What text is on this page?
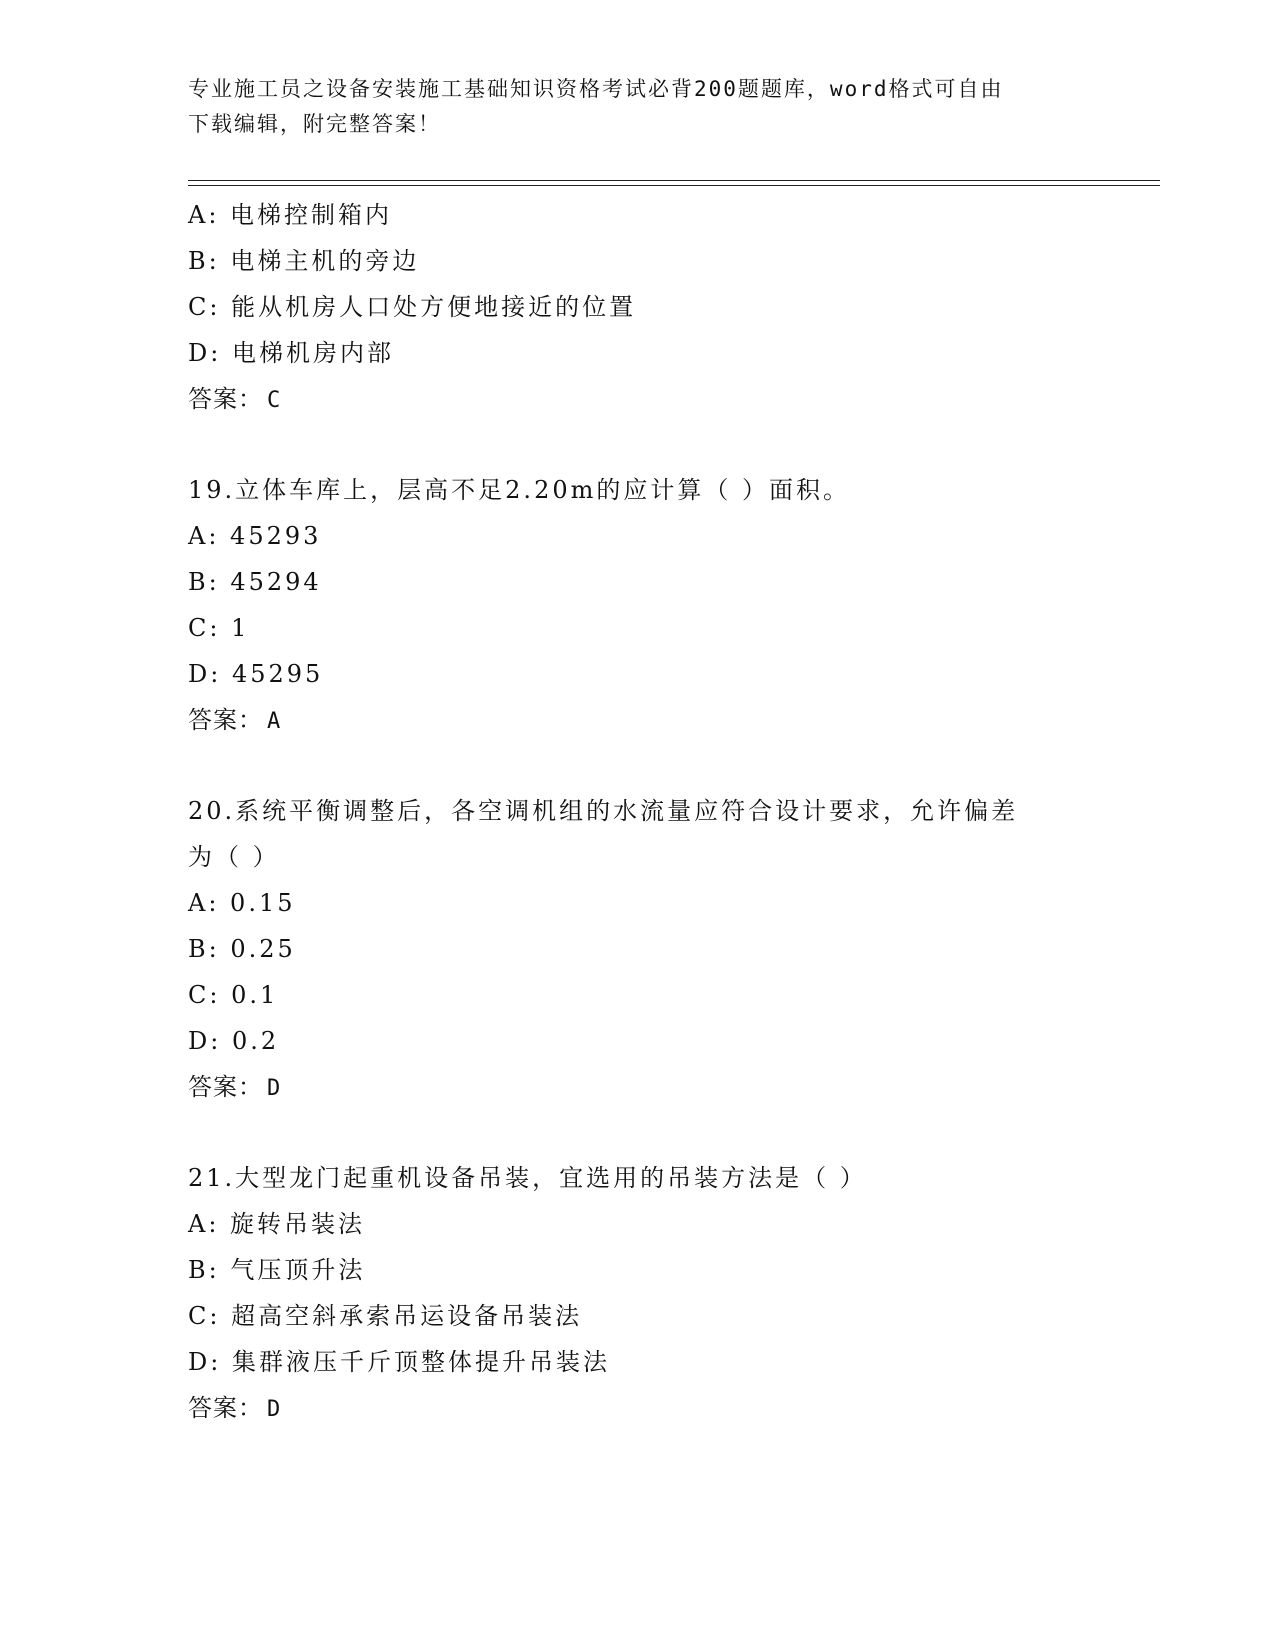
专业施工员之设备安装施工基础知识资格考试必背200题题库，word格式可自由
下载编辑，附完整答案！
A: 电梯控制箱内
B: 电梯主机的旁边
C: 能从机房人口处方便地接近的位置
D: 电梯机房内部
答案： C
19.立体车库上，层高不足2.20m的应计算（ ）面积。
A: 45293
B: 45294
C: 1
D: 45295
答案： A
20.系统平衡调整后，各空调机组的水流量应符合设计要求，允许偏差
为（ ）
A: 0.15
B: 0.25
C: 0.1
D: 0.2
答案： D
21.大型龙门起重机设备吊装，宜选用的吊装方法是（ ）
A: 旋转吊装法
B: 气压顶升法
C: 超高空斜承索吊运设备吊装法
D: 集群液压千斤顶整体提升吊装法
答案： D
